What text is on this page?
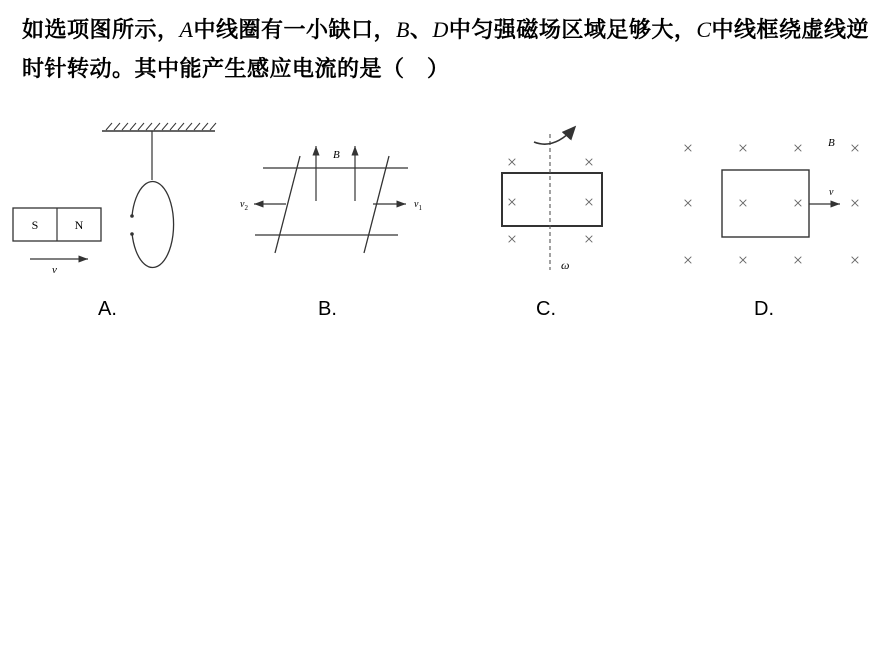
如选项图所示，A中线圈有一小缺口，B、D中匀强磁场区域足够大，C中线框绕虚线逆时针转动。其中能产生感应电流的是（　）
S	N
v
A.
B
$v_2$	$v_1$
B.
ω
×	×
×	×
×	×
C.
v
B
× × ×	×
× × ×	×
× × ×	×
D.
